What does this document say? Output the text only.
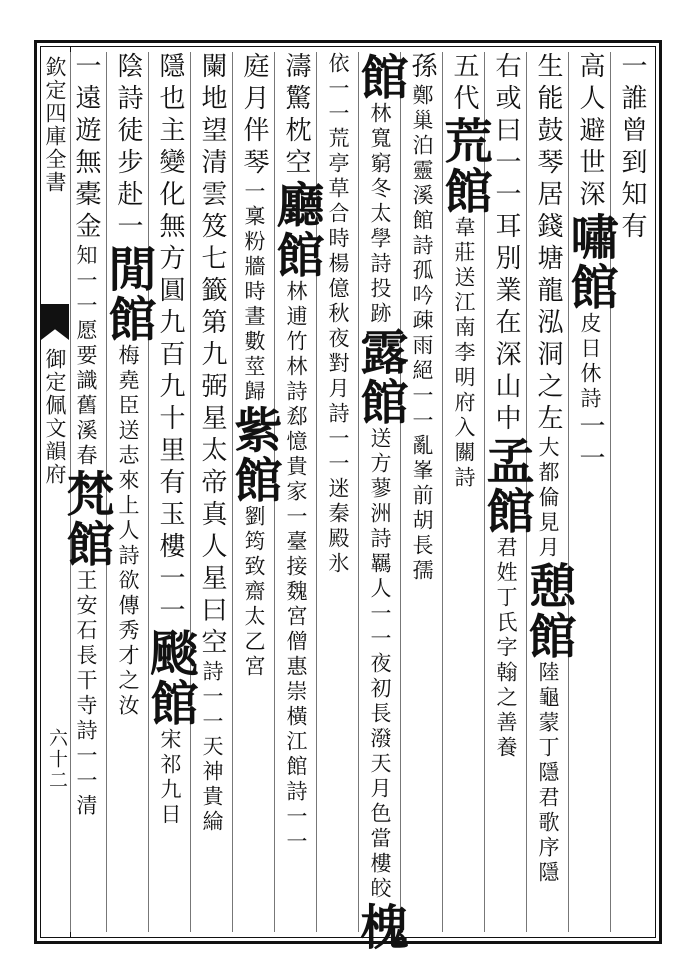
欽定四庫全書
御定佩文韻府
六十二
一誰曾到知有
高人避世深嘯館皮日休詩一一
生能鼓琴居錢塘龍泓洞之左大都倫見月憩館陸龜蒙丁隱君歌序隱
右或曰一一耳別業在深山中孟館君姓丁氏字翰之善養
五代荒館韋莊送江南李明府入關詩
孫鄭巢泊靈溪館詩孤吟疎雨絕一一亂峯前胡長孺
館林寬窮冬太學詩投跡露館送方蓼洲詩羈人一一夜初長潑天月色當樓皎槐
依一一荒亭草合時楊億秋夜對月詩一一迷秦殿氷
濤驚枕空廳館林逋竹林詩郄憶貴家一臺接魏宮僧惠崇橫江館詩一一
庭月伴琴一稟粉牆時晝數莖歸紫館劉筠致齋太乙宮
闌地望清雲笈七籤第九弼星太帝真人星曰空詩一一天神貴綸
隱也主變化無方圓九百九十里有玉樓一一颷館宋祁九日
陰詩徒步赴一閒館梅堯臣送志來上人詩欲傳秀才之汝
一遠遊無橐金知一一愿要識舊溪春梵館王安石長干寺詩一一清
